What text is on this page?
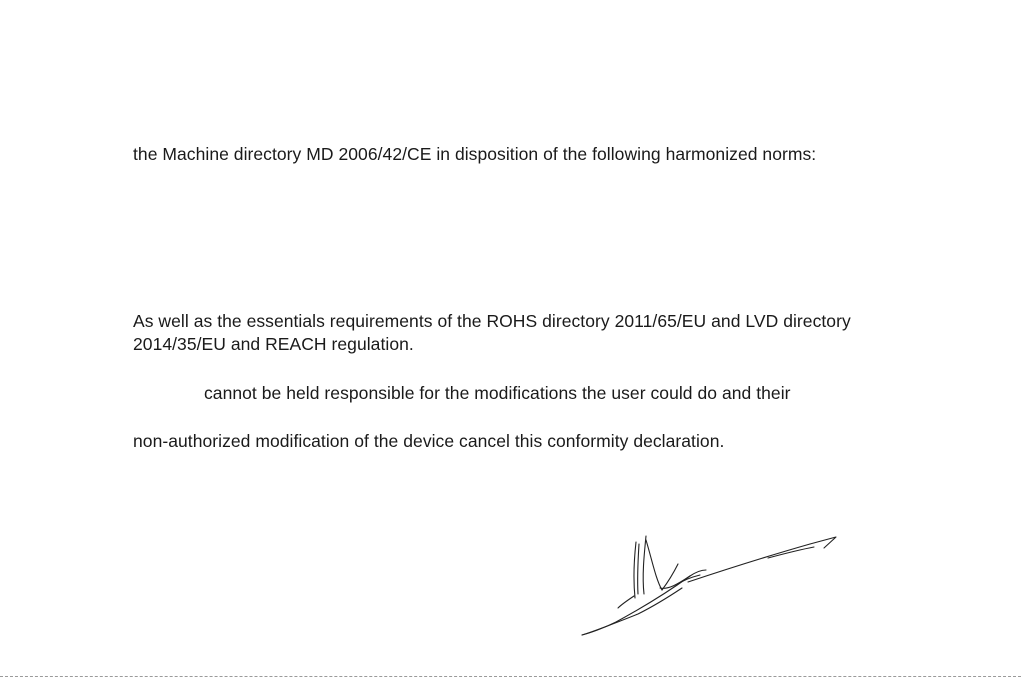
the Machine directory MD 2006/42/CE in disposition of the following harmonized norms:
As well as the essentials requirements of the ROHS directory 2011/65/EU and LVD directory
2014/35/EU and REACH regulation.
cannot be held responsible for the modifications the user could do and their
non-authorized modification of the device cancel this conformity declaration.
